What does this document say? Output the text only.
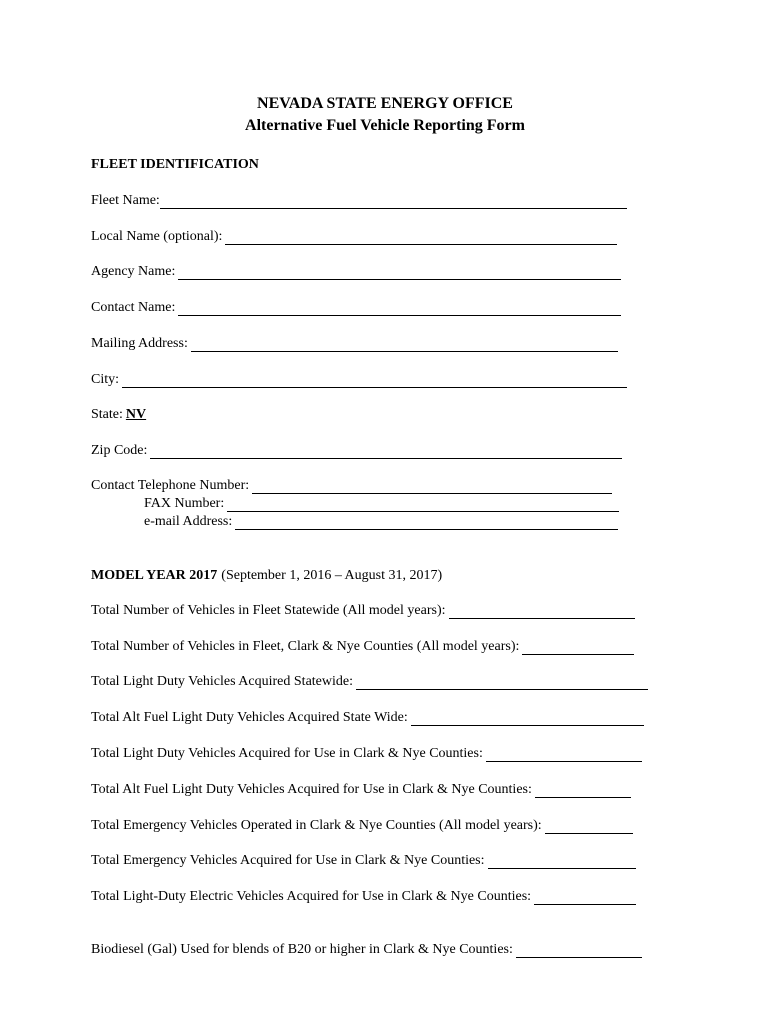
NEVADA STATE ENERGY OFFICE
Alternative Fuel Vehicle Reporting Form
FLEET IDENTIFICATION
Fleet Name:
Local Name (optional):
Agency Name:
Contact Name:
Mailing Address:
City:
State: NV
Zip Code:
Contact Telephone Number:
FAX Number:
e-mail Address:
MODEL YEAR 2017 (September 1, 2016 – August 31, 2017)
Total Number of Vehicles in Fleet Statewide (All model years):
Total Number of Vehicles in Fleet, Clark & Nye Counties (All model years):
Total Light Duty Vehicles Acquired Statewide:
Total Alt Fuel Light Duty Vehicles Acquired State Wide:
Total Light Duty Vehicles Acquired for Use in Clark & Nye Counties:
Total Alt Fuel Light Duty Vehicles Acquired for Use in Clark & Nye Counties:
Total Emergency Vehicles Operated in Clark & Nye Counties (All model years):
Total Emergency Vehicles Acquired for Use in Clark & Nye Counties:
Total Light-Duty Electric Vehicles Acquired for Use in Clark & Nye Counties:
Biodiesel (Gal) Used for blends of B20 or higher in Clark & Nye Counties:
